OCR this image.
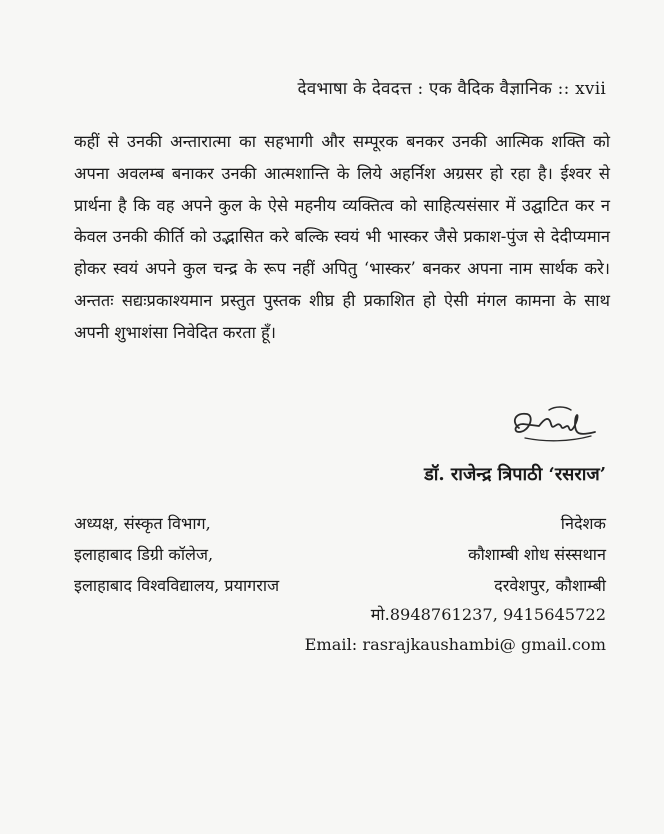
देवभाषा के देवदत्त : एक वैदिक वैज्ञानिक :: xvii

कहीं से उनकी अन्तारात्मा का सहभागी और सम्पूरक बनकर उनकी आत्मिक शक्ति को अपना अवलम्ब बनाकर उनकी आत्मशान्ति के लिये अहर्निश अग्रसर हो रहा है। ईश्वर से प्रार्थना है कि वह अपने कुल के ऐसे महनीय व्यक्तित्व को साहित्यसंसार में उद्घाटित कर न केवल उनकी कीर्ति को उद्भासित करे बल्कि स्वयं भी भास्कर जैसे प्रकाश-पुंज से देदीप्यमान होकर स्वयं अपने कुल चन्द्र के रूप नहीं अपितु ‘भास्कर’ बनकर अपना नाम सार्थक करे। अन्ततः सद्यःप्रकाश्यमान प्रस्तुत पुस्तक शीघ्र ही प्रकाशित हो ऐसी मंगल कामना के साथ अपनी शुभाशंसा निवेदित करता हूँ।

डॉ. राजेन्द्र त्रिपाठी ‘रसराज’
अध्यक्ष, संस्कृत विभाग,
इलाहाबाद डिग्री कॉलेज,
इलाहाबाद विश्वविद्यालय, प्रयागराज
निदेशक
कौशाम्बी शोध संस्सथान
दरवेशपुर, कौशाम्बी
मो.8948761237, 9415645722
Email: rasrajkaushambi@ gmail.com
